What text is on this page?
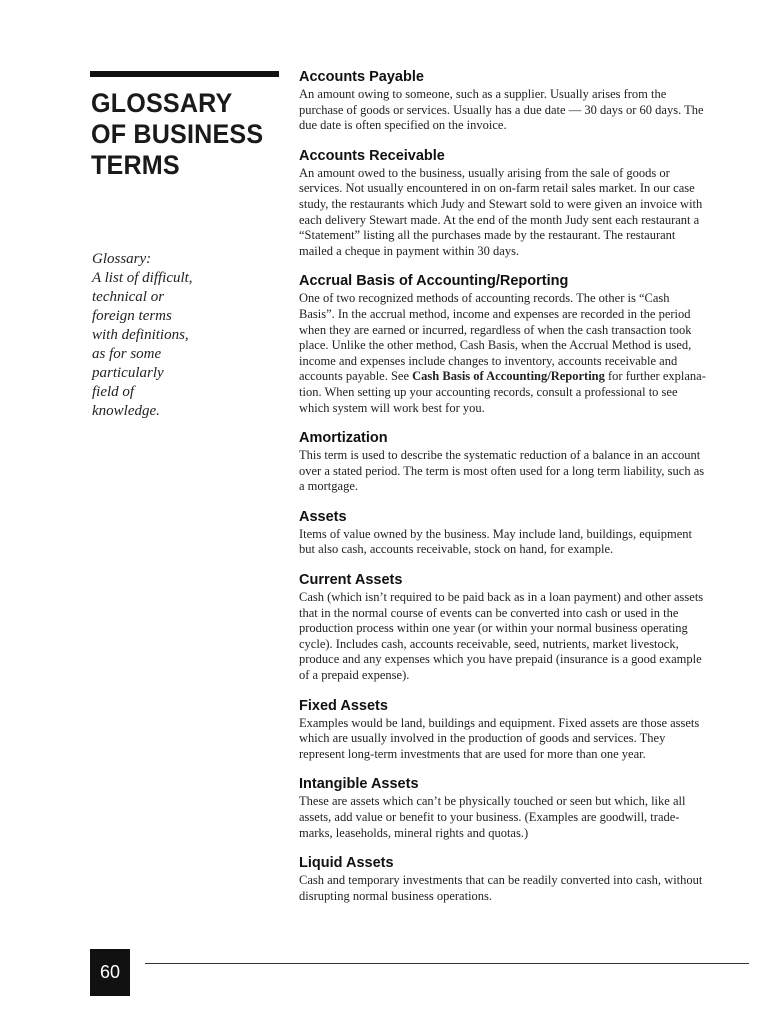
GLOSSARY
OF BUSINESS
TERMS
Glossary:
A list of difficult,
technical or
foreign terms
with definitions,
as for some
particularly
field of
knowledge.
Accounts Payable
An amount owing to someone, such as a supplier. Usually arises from the
purchase of goods or services. Usually has a due date — 30 days or 60 days. The
due date is often specified on the invoice.
Accounts Receivable
An amount owed to the business, usually arising from the sale of goods or
services. Not usually encountered in on on-farm retail sales market. In our case
study, the restaurants which Judy and Stewart sold to were given an invoice with
each delivery Stewart made. At the end of the month Judy sent each restaurant a
“Statement” listing all the purchases made by the restaurant. The restaurant
mailed a cheque in payment within 30 days.
Accrual Basis of Accounting/Reporting
One of two recognized methods of accounting records. The other is “Cash
Basis”. In the accrual method, income and expenses are recorded in the period
when they are earned or incurred, regardless of when the cash transaction took
place. Unlike the other method, Cash Basis, when the Accrual Method is used,
income and expenses include changes to inventory, accounts receivable and
accounts payable. See Cash Basis of Accounting/Reporting for further explana-
tion. When setting up your accounting records, consult a professional to see
which system will work best for you.
Amortization
This term is used to describe the systematic reduction of a balance in an account
over a stated period. The term is most often used for a long term liability, such as
a mortgage.
Assets
Items of value owned by the business. May include land, buildings, equipment
but also cash, accounts receivable, stock on hand, for example.
Current Assets
Cash (which isn’t required to be paid back as in a loan payment) and other assets
that in the normal course of events can be converted into cash or used in the
production process within one year (or within your normal business operating
cycle). Includes cash, accounts receivable, seed, nutrients, market livestock,
produce and any expenses which you have prepaid (insurance is a good example
of a prepaid expense).
Fixed Assets
Examples would be land, buildings and equipment. Fixed assets are those assets
which are usually involved in the production of goods and services. They
represent long-term investments that are used for more than one year.
Intangible Assets
These are assets which can’t be physically touched or seen but which, like all
assets, add value or benefit to your business. (Examples are goodwill, trade-
marks, leaseholds, mineral rights and quotas.)
Liquid Assets
Cash and temporary investments that can be readily converted into cash, without
disrupting normal business operations.
60
